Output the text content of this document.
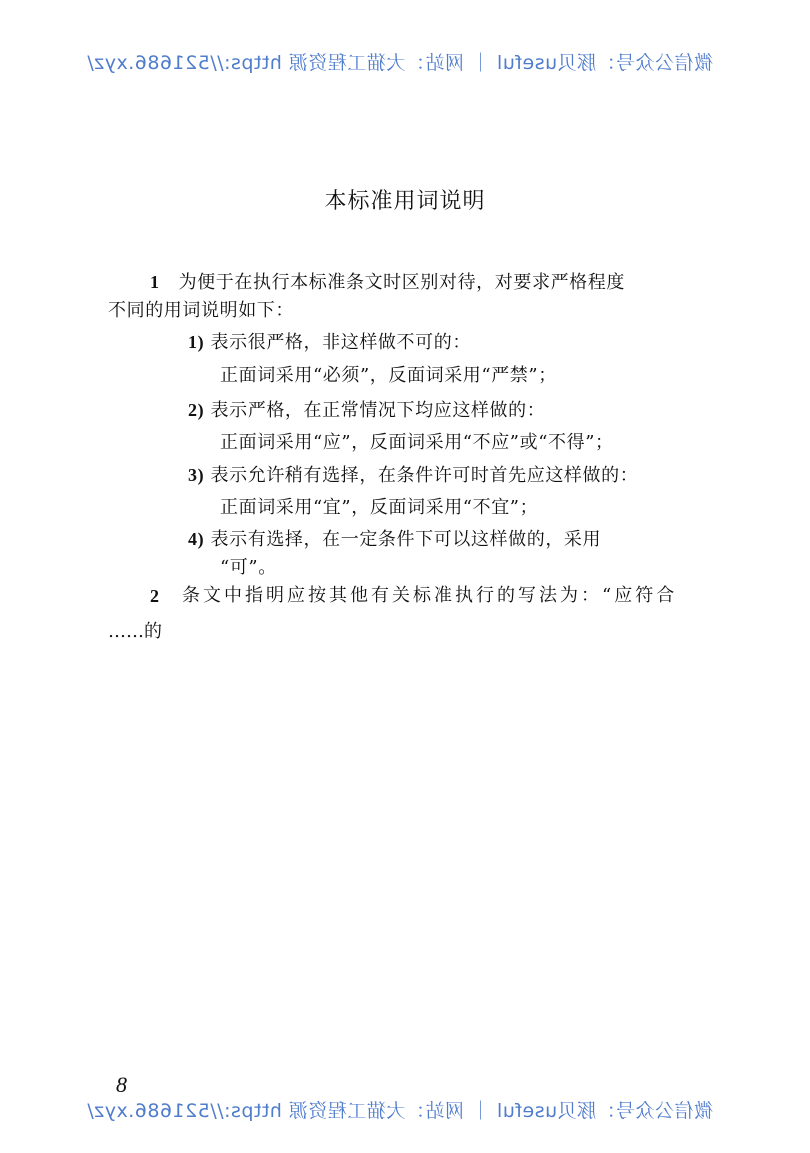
微信公众号：豚贝useful ｜ 网站：大猫工程资源 https://521686.xyz/
本标准用词说明
1 为便于在执行本标准条文时区别对待，对要求严格程度
不同的用词说明如下：
1) 表示很严格，非这样做不可的：
正面词采用“必须”，反面词采用“严禁”；
2) 表示严格，在正常情况下均应这样做的：
正面词采用“应”，反面词采用“不应”或“不得”；
3) 表示允许稍有选择，在条件许可时首先应这样做的：
正面词采用“宜”，反面词采用“不宜”；
4) 表示有选择，在一定条件下可以这样做的，采用
“可”。
2 条文中指明应按其他有关标准执行的写法为：“应符合
……的
8
微信公众号：豚贝useful ｜ 网站：大猫工程资源 https://521686.xyz/
